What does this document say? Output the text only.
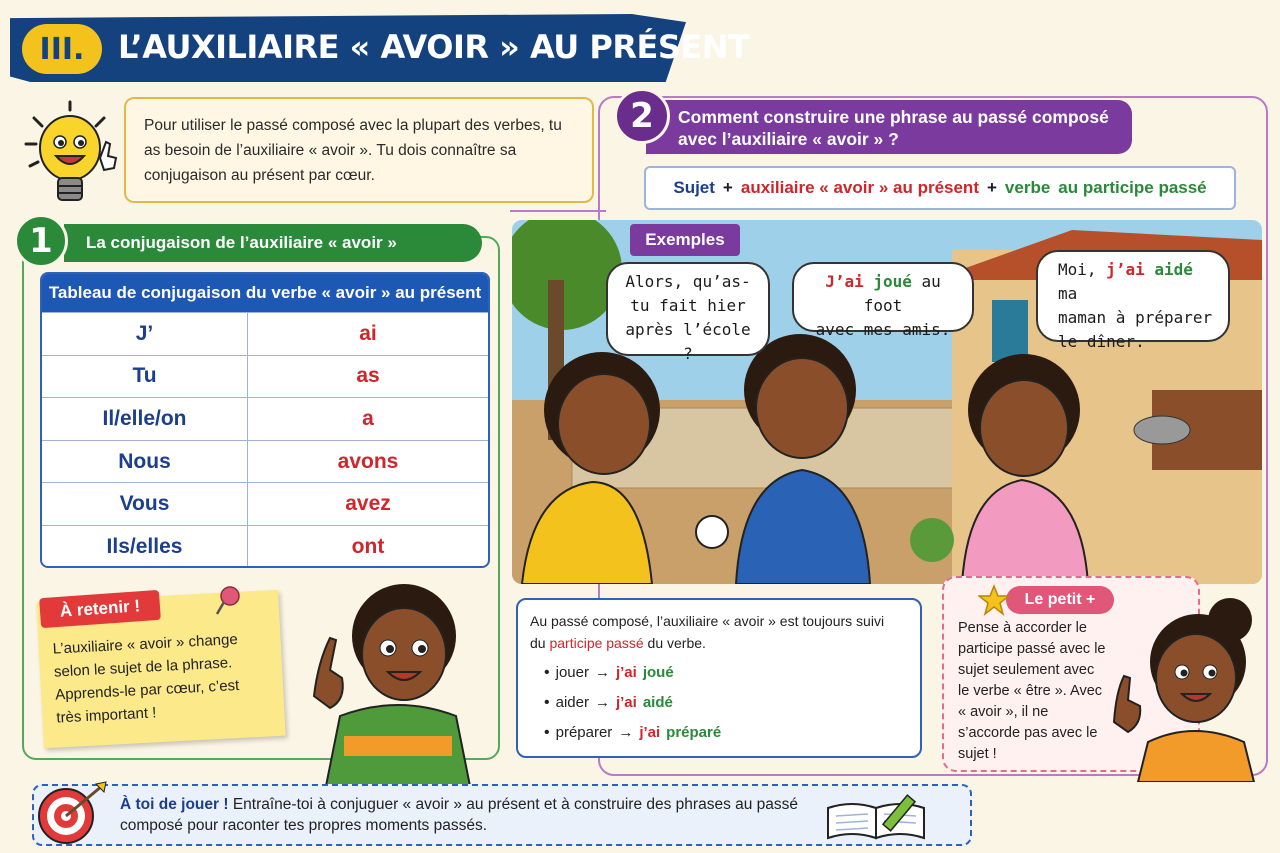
III.	L’AUXILIAIRE « AVOIR » AU PRÉSENT
Pour utiliser le passé composé avec la plupart des verbes, tu as besoin de l’auxiliaire « avoir ». Tu dois connaître sa conjugaison au présent par cœur.
La conjugaison de l’auxiliaire « avoir »
1
Tableau de conjugaison du verbe « avoir » au présent
J’	ai
Tu	as
Il/elle/on	a
Nous	avons
Vous	avez
Ils/elles	ont
L’auxiliaire « avoir » change selon le sujet de la phrase. Apprends-le par cœur, c’est très important !
À retenir !
Comment construire une phrase au passé composé avec l’auxiliaire « avoir » ?
2
Sujet + auxiliaire « avoir » au présent + verbe au participe passé
Exemples
Alors, qu’as-tu fait hier après l’école ?
J’ai joué au foot
avec mes amis.
Moi, j’ai aidé ma
maman à préparer
le dîner.
Au passé composé, l’auxiliaire « avoir » est toujours suivi
du participe passé du verbe.
• jouer → j’ai joué
• aider → j’ai aidé
• préparer → j’ai préparé
Pense à accorder le participe passé avec le sujet seulement avec le verbe « être ». Avec « avoir », il ne s’accorde pas avec le sujet !
Le petit +
À toi de jouer ! Entraîne-toi à conjuguer « avoir » au présent et à construire des phrases au passé composé pour raconter tes propres moments passés.
